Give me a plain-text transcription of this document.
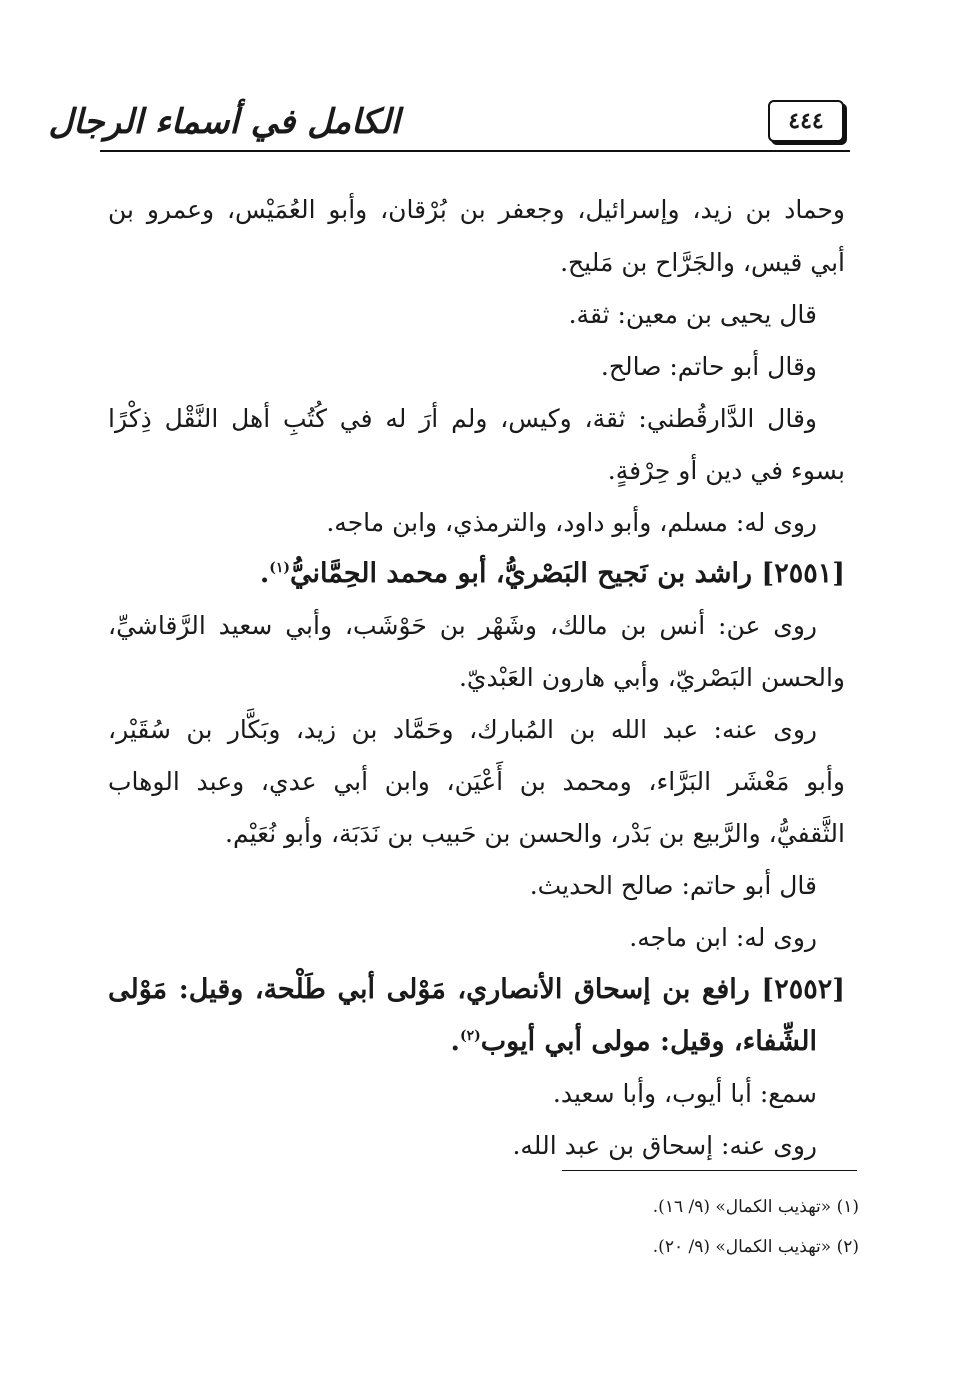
الكامل في أسماء الرجال	٤٤٤
وحماد بن زيد، وإسرائيل، وجعفر بن بُرْقان، وأبو العُمَيْس، وعمرو بن
أبي قيس، والجَرَّاح بن مَليح.
قال يحيى بن معين: ثقة.
وقال أبو حاتم: صالح.
وقال الدَّارقُطني: ثقة، وكيس، ولم أرَ له في كُتُبِ أهل النَّقْل ذِكْرًا
بسوء في دين أو حِرْفةٍ.
روى له: مسلم، وأبو داود، والترمذي، وابن ماجه.
[٢٥٥١] راشد بن نَجيح البَصْريُّ، أبو محمد الحِمَّانيُّ$^{(١)}$.
روى عن: أنس بن مالك، وشَهْر بن حَوْشَب، وأبي سعيد الرَّقاشيِّ،
والحسن البَصْريّ، وأبي هارون العَبْديّ.
روى عنه: عبد الله بن المُبارك، وحَمَّاد بن زيد، وبَكَّار بن سُقَيْر،
وأبو مَعْشَر البَرَّاء، ومحمد بن أَعْيَن، وابن أبي عدي، وعبد الوهاب
الثَّقفيُّ، والرَّبيع بن بَدْر، والحسن بن حَبيب بن نَدَبَة، وأبو نُعَيْم.
قال أبو حاتم: صالح الحديث.
روى له: ابن ماجه.
[٢٥٥٢] رافع بن إسحاق الأنصاري، مَوْلى أبي طَلْحة، وقيل: مَوْلى
الشِّفاء، وقيل: مولى أبي أيوب$^{(٢)}$.
سمع: أبا أيوب، وأبا سعيد.
روى عنه: إسحاق بن عبد الله.
(١) «تهذيب الكمال» (٩/ ١٦).
(٢) «تهذيب الكمال» (٩/ ٢٠).
